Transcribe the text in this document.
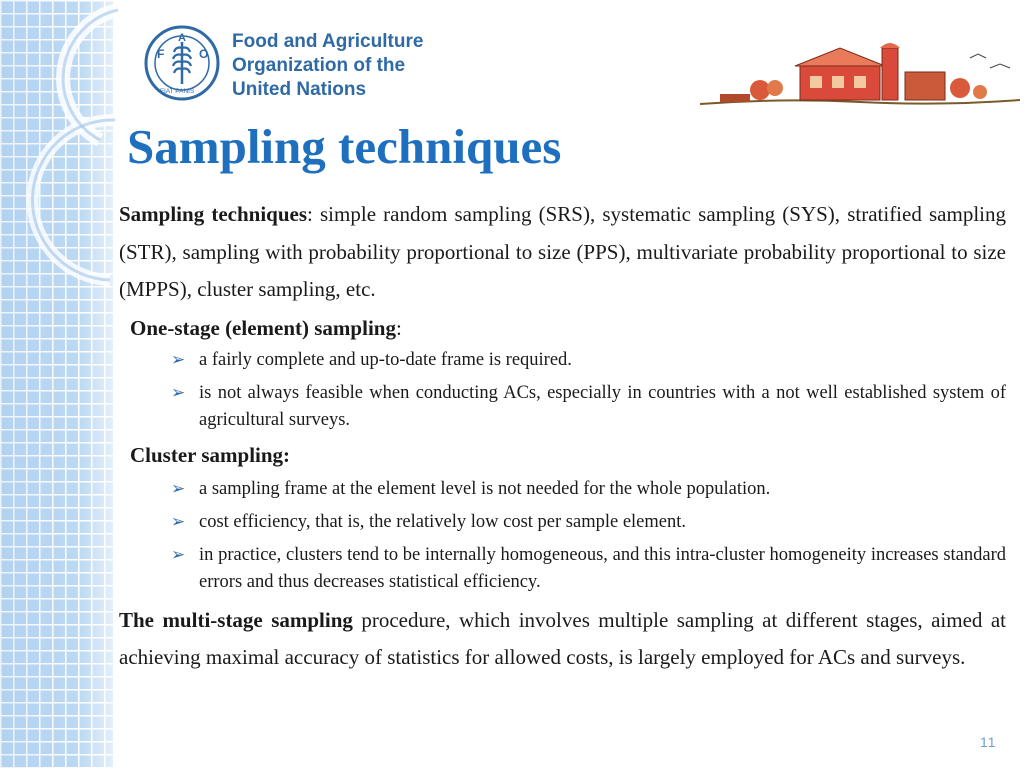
F
A
O
FIAT PANIS
Food and Agriculture
Organization of the
United Nations
Sampling techniques

Sampling techniques: simple random sampling (SRS), systematic sampling (SYS), stratified sampling (STR), sampling with probability proportional to size (PPS), multivariate probability proportional to size (MPPS), cluster sampling, etc.

One-stage (element) sampling:

➢ a fairly complete and up-to-date frame is required.
➢ is not always feasible when conducting ACs, especially in countries with a not well established system of agricultural surveys.

Cluster sampling:

➢ a sampling frame at the element level is not needed for the whole population.
➢ cost efficiency, that is, the relatively low cost per sample element.
➢ in practice, clusters tend to be internally homogeneous, and this intra-cluster homogeneity increases standard errors and thus decreases statistical efficiency.

The multi-stage sampling procedure, which involves multiple sampling at different stages, aimed at achieving maximal accuracy of statistics for allowed costs, is largely employed for ACs and surveys.

11
